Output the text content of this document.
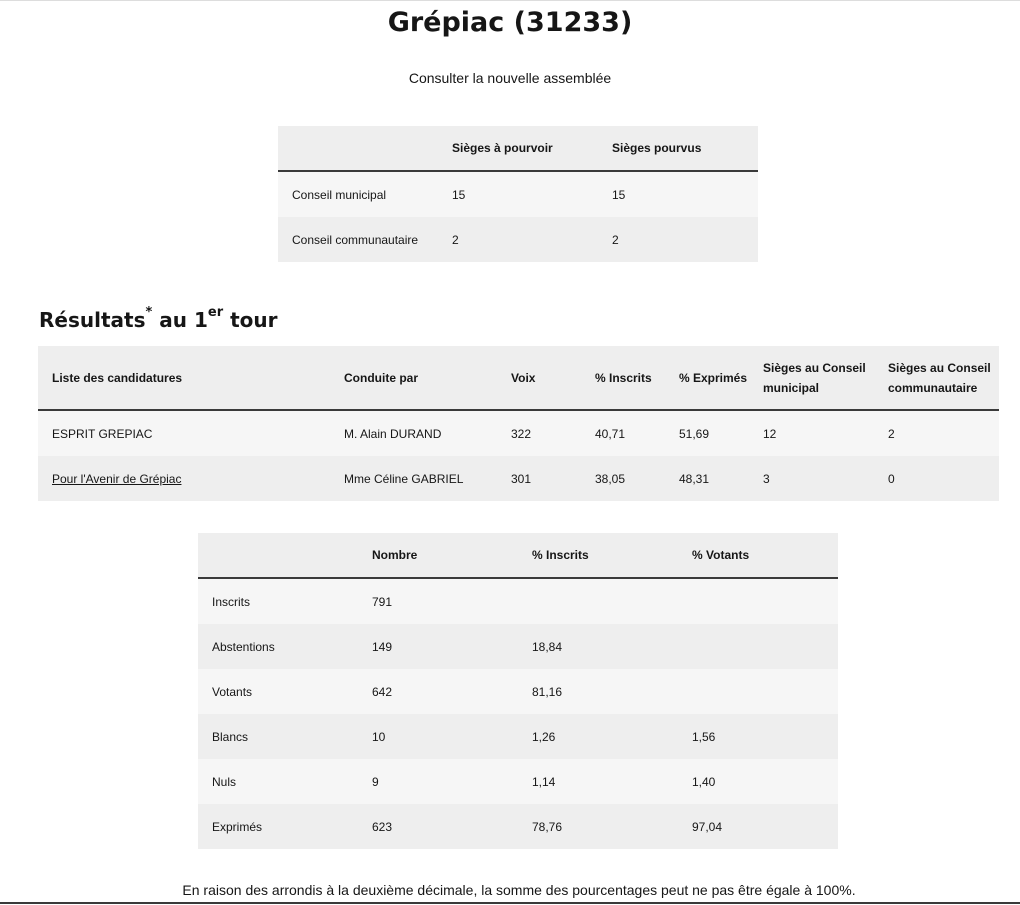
Grépiac (31233)
Consulter la nouvelle assemblée
	Sièges à pourvoir	Sièges pourvus
Conseil municipal	15	15
Conseil communautaire	2	2
Résultats* au 1er tour
Liste des candidatures	Conduite par	Voix	% Inscrits	% Exprimés	Sièges au Conseil municipal	Sièges au Conseil communautaire
ESPRIT GREPIAC	M. Alain DURAND	322	40,71	51,69	12	2
Pour l'Avenir de Grépiac	Mme Céline GABRIEL	301	38,05	48,31	3	0
	Nombre	% Inscrits	% Votants
Inscrits	791		
Abstentions	149	18,84	
Votants	642	81,16	
Blancs	10	1,26	1,56
Nuls	9	1,14	1,40
Exprimés	623	78,76	97,04
En raison des arrondis à la deuxième décimale, la somme des pourcentages peut ne pas être égale à 100%.
